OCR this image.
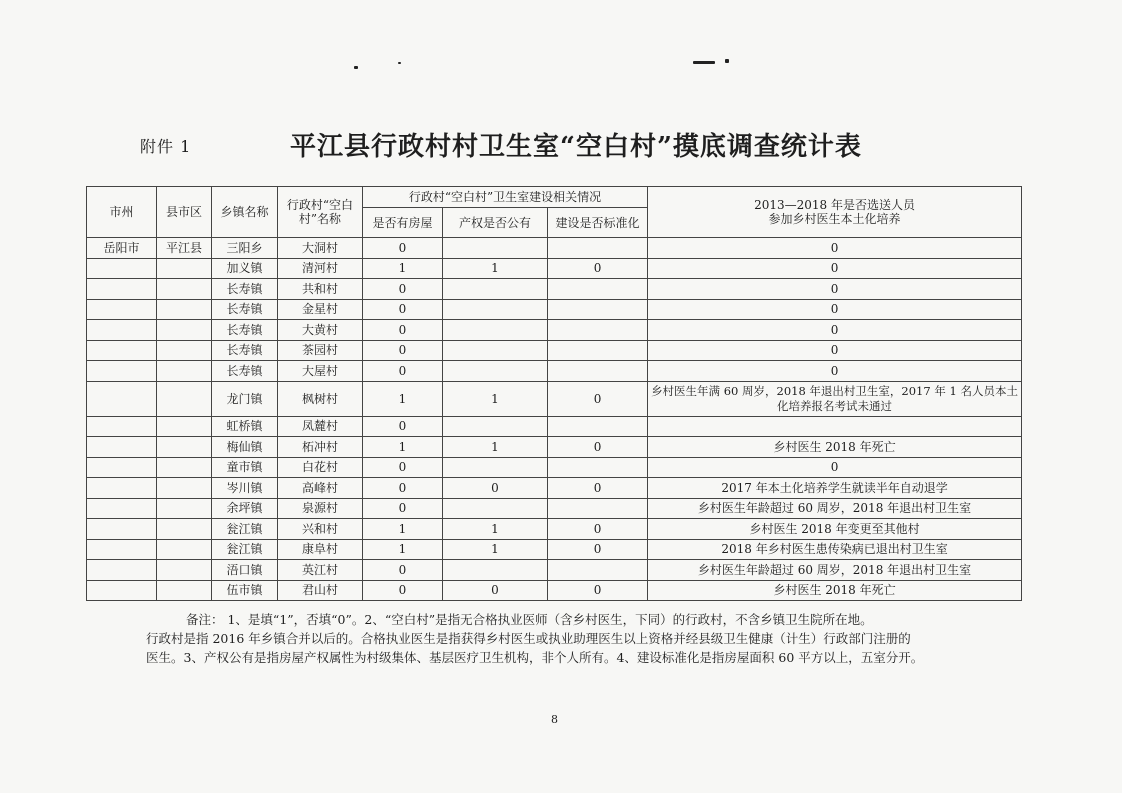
附件 1	平江县行政村村卫生室“空白村”摸底调查统计表
市州	县市区	乡镇名称	行政村“空白村”名称	行政村“空白村”卫生室建设相关情况			2013—2018 年是否选送人员
参加乡村医生本土化培养

				是否有房屋	产权是否公有	建设是否标准化	
岳阳市	平江县	三阳乡	大洞村	0			0
		加义镇	清河村	1	1	0	0
		长寿镇	共和村	0			0
		长寿镇	金星村	0			0
		长寿镇	大黄村	0			0
		长寿镇	茶园村	0			0
		长寿镇	大屋村	0			0
		龙门镇	枫树村	1	1	0	乡村医生年满 60 周岁，2018 年退出村卫生室，2017 年 1 名人员本土化培养报名考试未通过
		虹桥镇	凤麓村	0			
		梅仙镇	柘冲村	1	1	0	乡村医生 2018 年死亡
		童市镇	白花村	0			0
		岑川镇	高峰村	0	0	0	2017 年本土化培养学生就读半年自动退学
		余坪镇	泉源村	0			乡村医生年龄超过 60 周岁，2018 年退出村卫生室
		瓮江镇	兴和村	1	1	0	乡村医生 2018 年变更至其他村
		瓮江镇	康阜村	1	1	0	2018 年乡村医生患传染病已退出村卫生室
		浯口镇	英江村	0			乡村医生年龄超过 60 周岁，2018 年退出村卫生室
		伍市镇	君山村	0	0	0	乡村医生 2018 年死亡

备注： 1、是填“1”，否填“0”。2、“空白村”是指无合格执业医师（含乡村医生，下同）的行政村，不含乡镇卫生院所在地。

行政村是指 2016 年乡镇合并以后的。合格执业医生是指获得乡村医生或执业助理医生以上资格并经县级卫生健康（计生）行政部门注册的

医生。3、产权公有是指房屋产权属性为村级集体、基层医疗卫生机构，非个人所有。4、建设标准化是指房屋面积 60 平方以上，五室分开。

8
